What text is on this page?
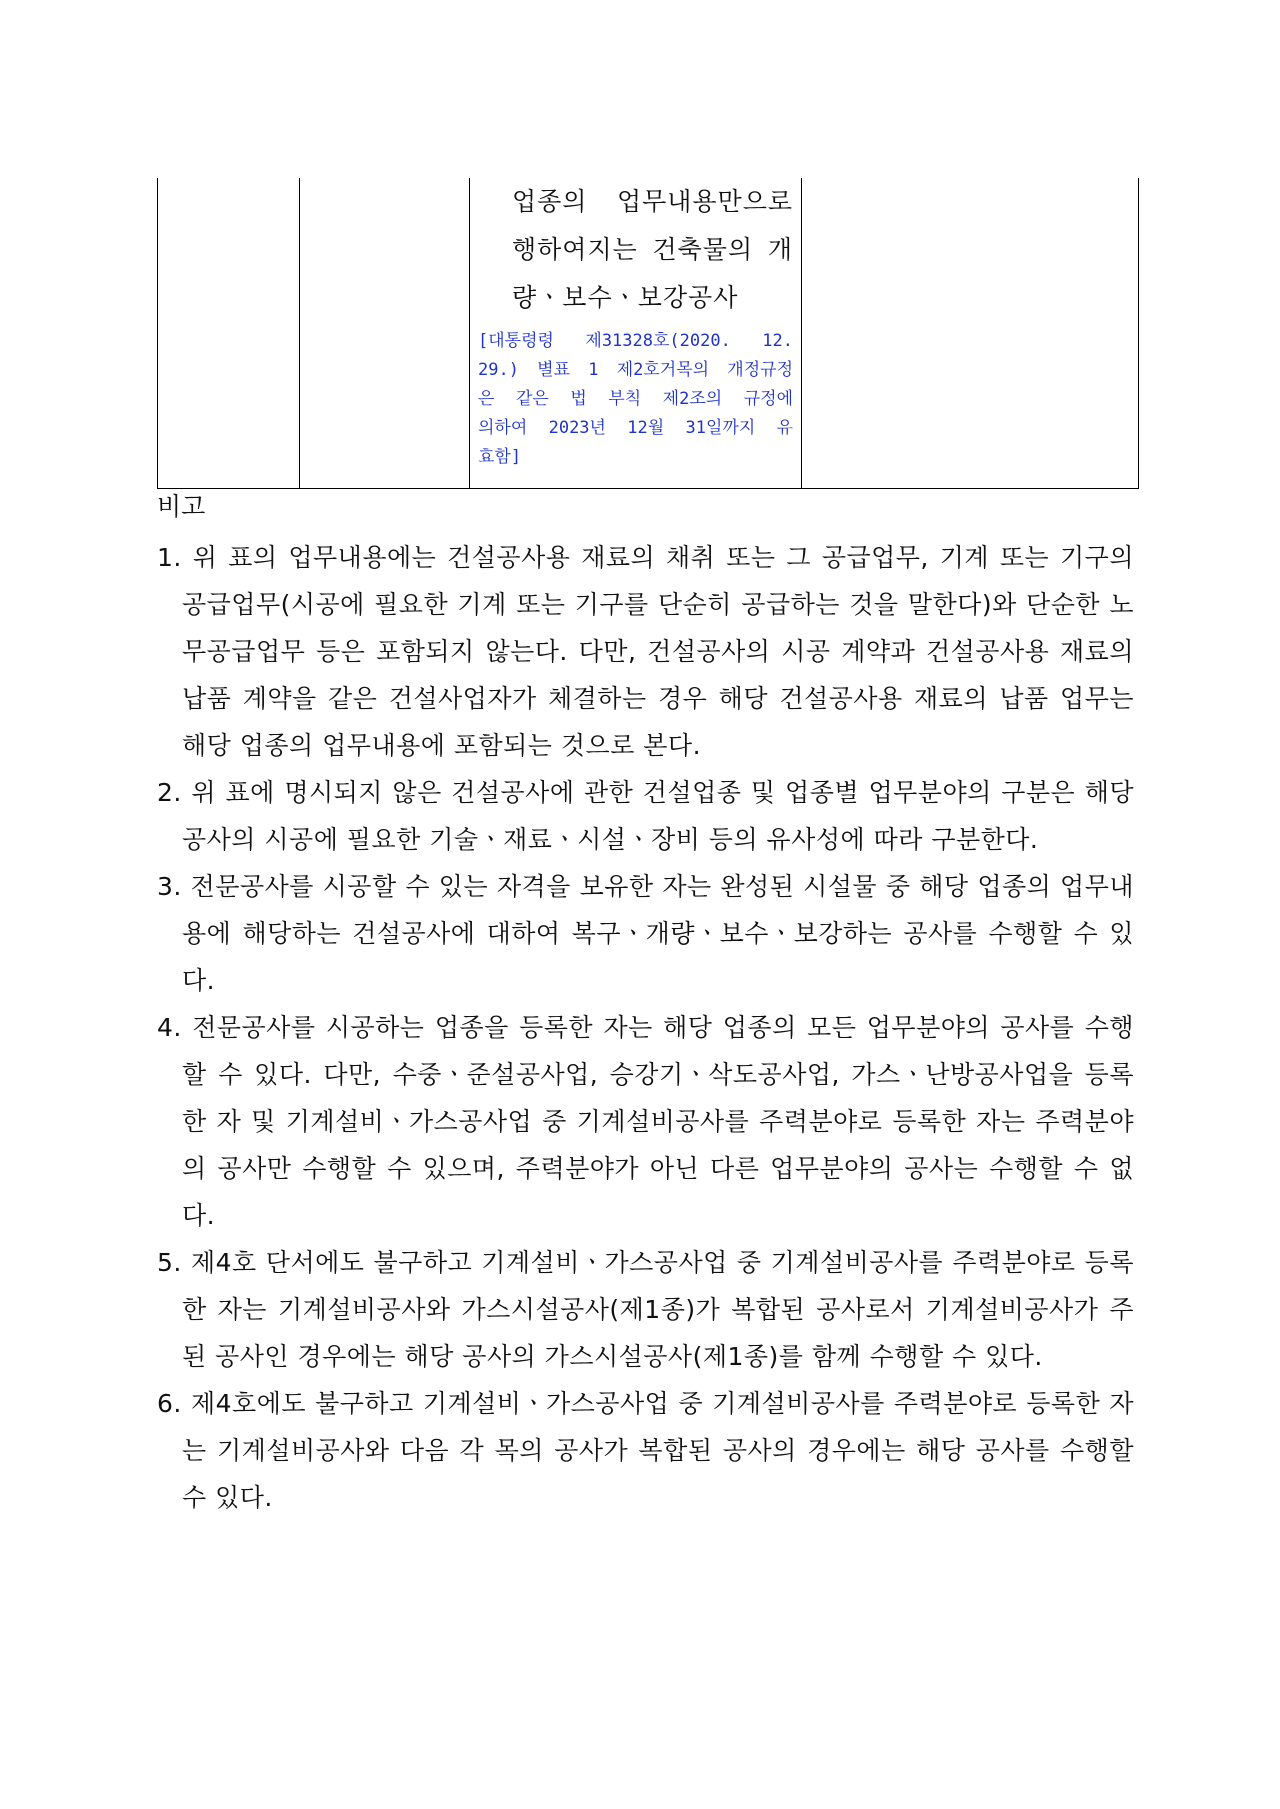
업종의 업무내용만으로
행하여지는 건축물의 개
량ㆍ보수ㆍ보강공사
[대통령령 제31328호(2020. 12.
29.) 별표 1 제2호거목의 개정규정
은 같은 법 부칙 제2조의 규정에
의하여 2023년 12월 31일까지 유
효함]

비고
1. 위 표의 업무내용에는 건설공사용 재료의 채취 또는 그 공급업무, 기계 또는 기구의 공급업무(시공에 필요한 기계 또는 기구를 단순히 공급하는 것을 말한다)와 단순한 노무공급업무 등은 포함되지 않는다. 다만, 건설공사의 시공 계약과 건설공사용 재료의 납품 계약을 같은 건설사업자가 체결하는 경우 해당 건설공사용 재료의 납품 업무는 해당 업종의 업무내용에 포함되는 것으로 본다.
2. 위 표에 명시되지 않은 건설공사에 관한 건설업종 및 업종별 업무분야의 구분은 해당 공사의 시공에 필요한 기술ㆍ재료ㆍ시설ㆍ장비 등의 유사성에 따라 구분한다.
3. 전문공사를 시공할 수 있는 자격을 보유한 자는 완성된 시설물 중 해당 업종의 업무내용에 해당하는 건설공사에 대하여 복구ㆍ개량ㆍ보수ㆍ보강하는 공사를 수행할 수 있다.
4. 전문공사를 시공하는 업종을 등록한 자는 해당 업종의 모든 업무분야의 공사를 수행할 수 있다. 다만, 수중ㆍ준설공사업, 승강기ㆍ삭도공사업, 가스ㆍ난방공사업을 등록한 자 및 기계설비ㆍ가스공사업 중 기계설비공사를 주력분야로 등록한 자는 주력분야의 공사만 수행할 수 있으며, 주력분야가 아닌 다른 업무분야의 공사는 수행할 수 없다.
5. 제4호 단서에도 불구하고 기계설비ㆍ가스공사업 중 기계설비공사를 주력분야로 등록한 자는 기계설비공사와 가스시설공사(제1종)가 복합된 공사로서 기계설비공사가 주된 공사인 경우에는 해당 공사의 가스시설공사(제1종)를 함께 수행할 수 있다.
6. 제4호에도 불구하고 기계설비ㆍ가스공사업 중 기계설비공사를 주력분야로 등록한 자는 기계설비공사와 다음 각 목의 공사가 복합된 공사의 경우에는 해당 공사를 수행할 수 있다.
